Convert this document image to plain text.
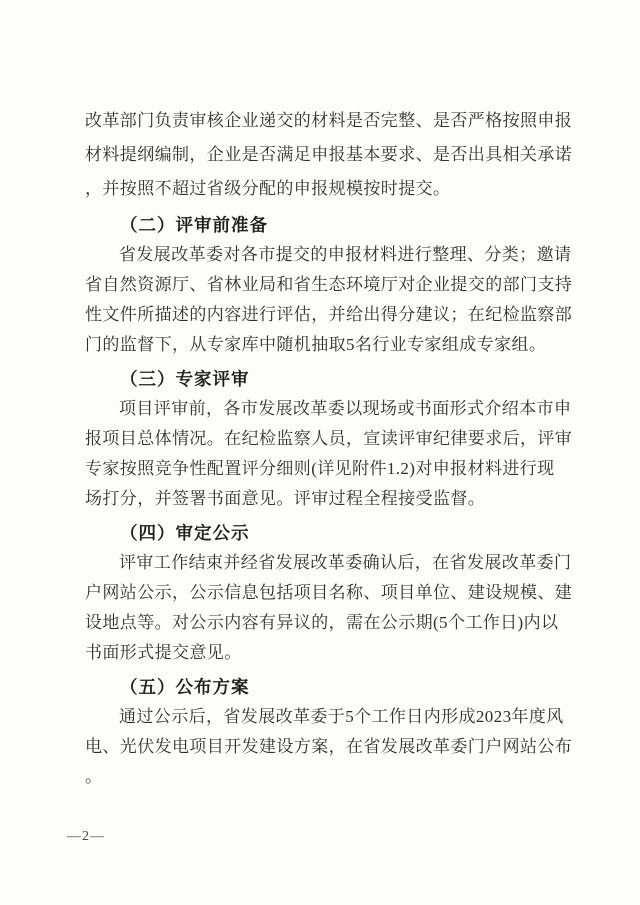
改革部门负责审核企业递交的材料是否完整、是否严格按照申报

材料提纲编制，企业是否满足申报基本要求、是否出具相关承诺

，并按照不超过省级分配的申报规模按时提交。

（二）评审前准备

省发展改革委对各市提交的申报材料进行整理、分类；邀请

省自然资源厅、省林业局和省生态环境厅对企业提交的部门支持

性文件所描述的内容进行评估，并给出得分建议；在纪检监察部

门的监督下，从专家库中随机抽取5名行业专家组成专家组。

（三）专家评审

项目评审前，各市发展改革委以现场或书面形式介绍本市申

报项目总体情况。在纪检监察人员，宣读评审纪律要求后，评审

专家按照竞争性配置评分细则(详见附件1.2)对申报材料进行现

场打分，并签署书面意见。评审过程全程接受监督。

（四）审定公示

评审工作结束并经省发展改革委确认后，在省发展改革委门

户网站公示，公示信息包括项目名称、项目单位、建设规模、建

设地点等。对公示内容有异议的，需在公示期(5个工作日)内以

书面形式提交意见。

（五）公布方案

通过公示后，省发展改革委于5个工作日内形成2023年度风

电、光伏发电项目开发建设方案，在省发展改革委门户网站公布

。

—2—
